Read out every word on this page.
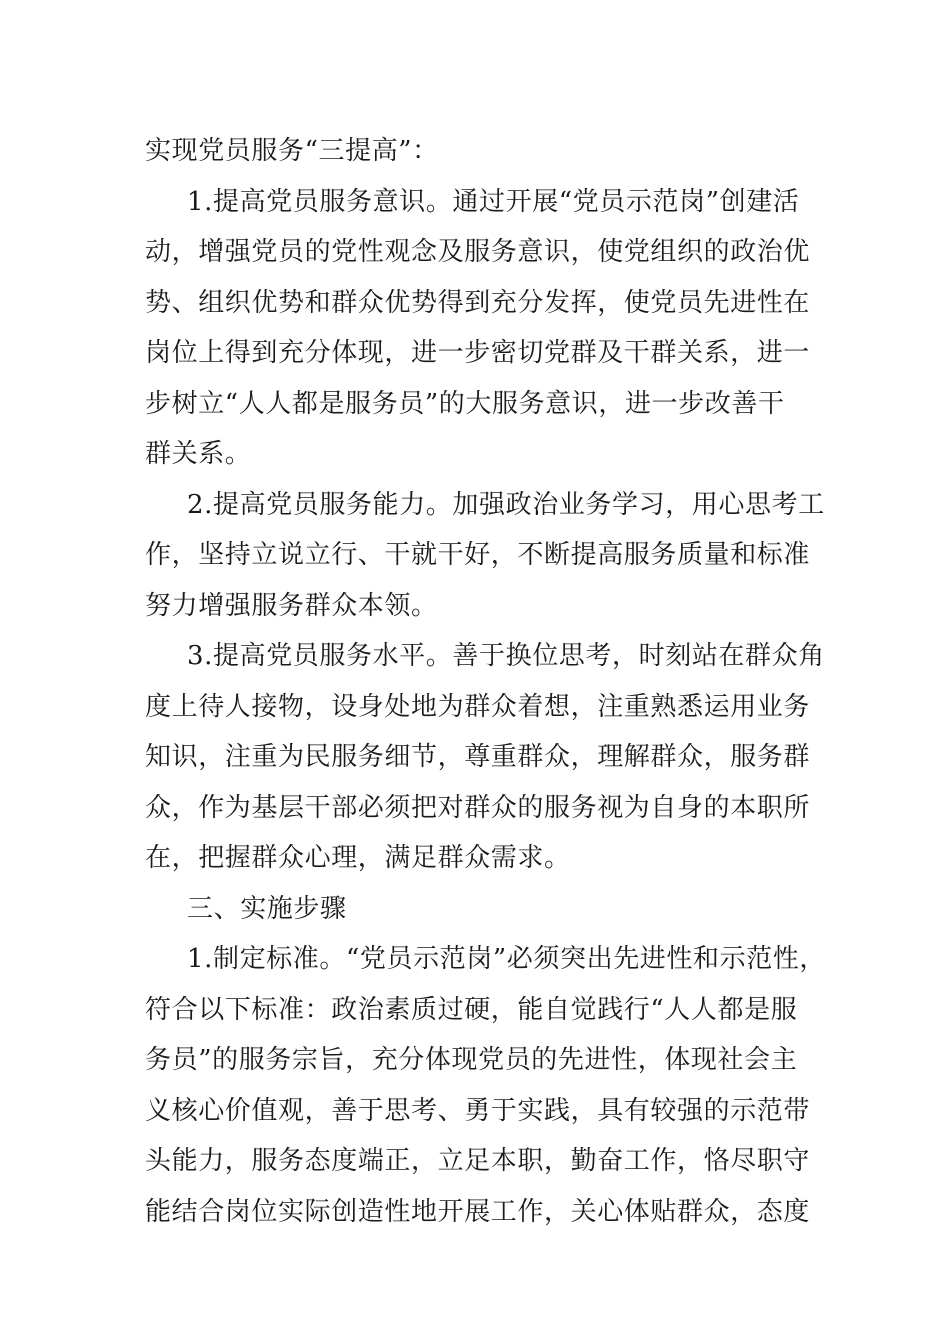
实现党员服务“三提高”：
1.提高党员服务意识。通过开展“党员示范岗”创建活
动，增强党员的党性观念及服务意识，使党组织的政治优
势、组织优势和群众优势得到充分发挥，使党员先进性在
岗位上得到充分体现，进一步密切党群及干群关系，进一
步树立“人人都是服务员”的大服务意识，进一步改善干
群关系。
2.提高党员服务能力。加强政治业务学习，用心思考工
作，坚持立说立行、干就干好，不断提高服务质量和标准
努力增强服务群众本领。
3.提高党员服务水平。善于换位思考，时刻站在群众角
度上待人接物，设身处地为群众着想，注重熟悉运用业务
知识，注重为民服务细节，尊重群众，理解群众，服务群
众，作为基层干部必须把对群众的服务视为自身的本职所
在，把握群众心理，满足群众需求。
三、实施步骤
1.制定标准。“党员示范岗”必须突出先进性和示范性，
符合以下标准：政治素质过硬，能自觉践行“人人都是服
务员”的服务宗旨，充分体现党员的先进性，体现社会主
义核心价值观，善于思考、勇于实践，具有较强的示范带
头能力，服务态度端正，立足本职，勤奋工作，恪尽职守
能结合岗位实际创造性地开展工作，关心体贴群众，态度
